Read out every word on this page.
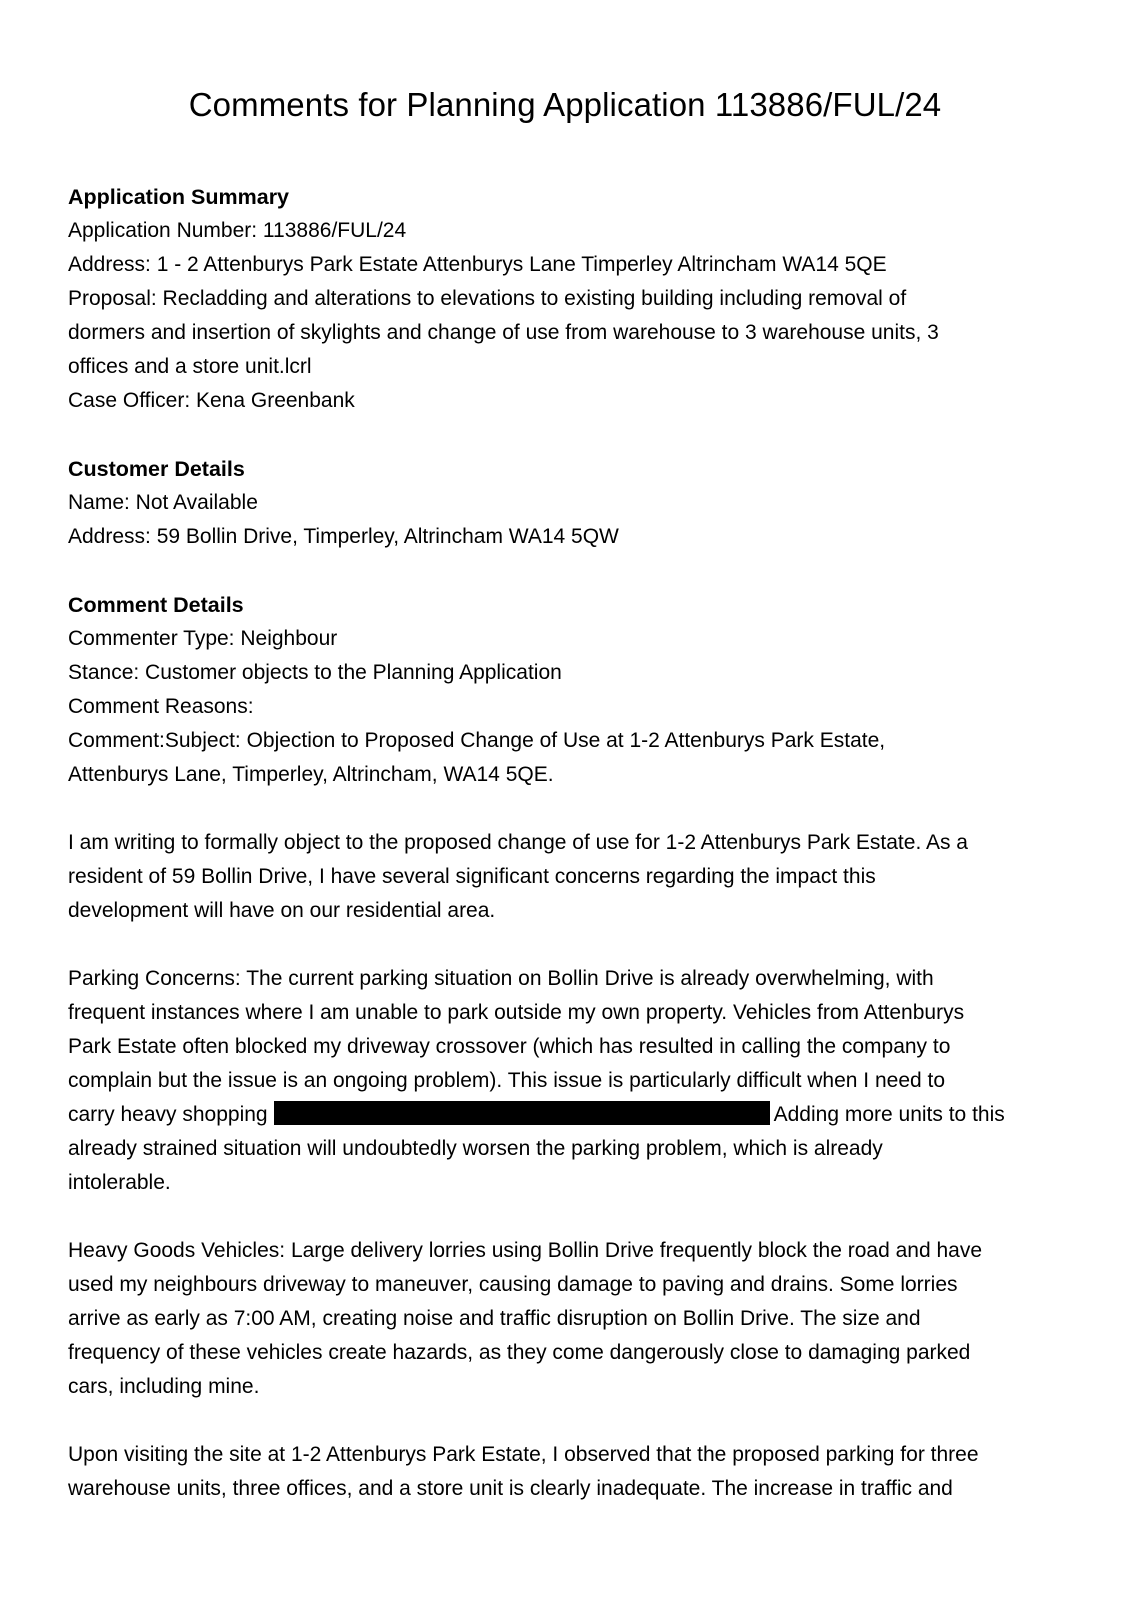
Comments for Planning Application 113886/FUL/24
Application Summary
Application Number: 113886/FUL/24
Address: 1 - 2 Attenburys Park Estate Attenburys Lane Timperley Altrincham WA14 5QE
Proposal: Recladding and alterations to elevations to existing building including removal of
dormers and insertion of skylights and change of use from warehouse to 3 warehouse units, 3
offices and a store unit.lcrl
Case Officer: Kena Greenbank
Customer Details
Name: Not Available
Address: 59 Bollin Drive, Timperley, Altrincham WA14 5QW
Comment Details
Commenter Type: Neighbour
Stance: Customer objects to the Planning Application
Comment Reasons:
Comment:Subject: Objection to Proposed Change of Use at 1-2 Attenburys Park Estate,
Attenburys Lane, Timperley, Altrincham, WA14 5QE.
I am writing to formally object to the proposed change of use for 1-2 Attenburys Park Estate. As a
resident of 59 Bollin Drive, I have several significant concerns regarding the impact this
development will have on our residential area.
Parking Concerns: The current parking situation on Bollin Drive is already overwhelming, with
frequent instances where I am unable to park outside my own property. Vehicles from Attenburys
Park Estate often blocked my driveway crossover (which has resulted in calling the company to
complain but the issue is an ongoing problem). This issue is particularly difficult when I need to
carry heavy shopping	Adding more units to this
already strained situation will undoubtedly worsen the parking problem, which is already
intolerable.
Heavy Goods Vehicles: Large delivery lorries using Bollin Drive frequently block the road and have
used my neighbours driveway to maneuver, causing damage to paving and drains. Some lorries
arrive as early as 7:00 AM, creating noise and traffic disruption on Bollin Drive. The size and
frequency of these vehicles create hazards, as they come dangerously close to damaging parked
cars, including mine.
Upon visiting the site at 1-2 Attenburys Park Estate, I observed that the proposed parking for three
warehouse units, three offices, and a store unit is clearly inadequate. The increase in traffic and
